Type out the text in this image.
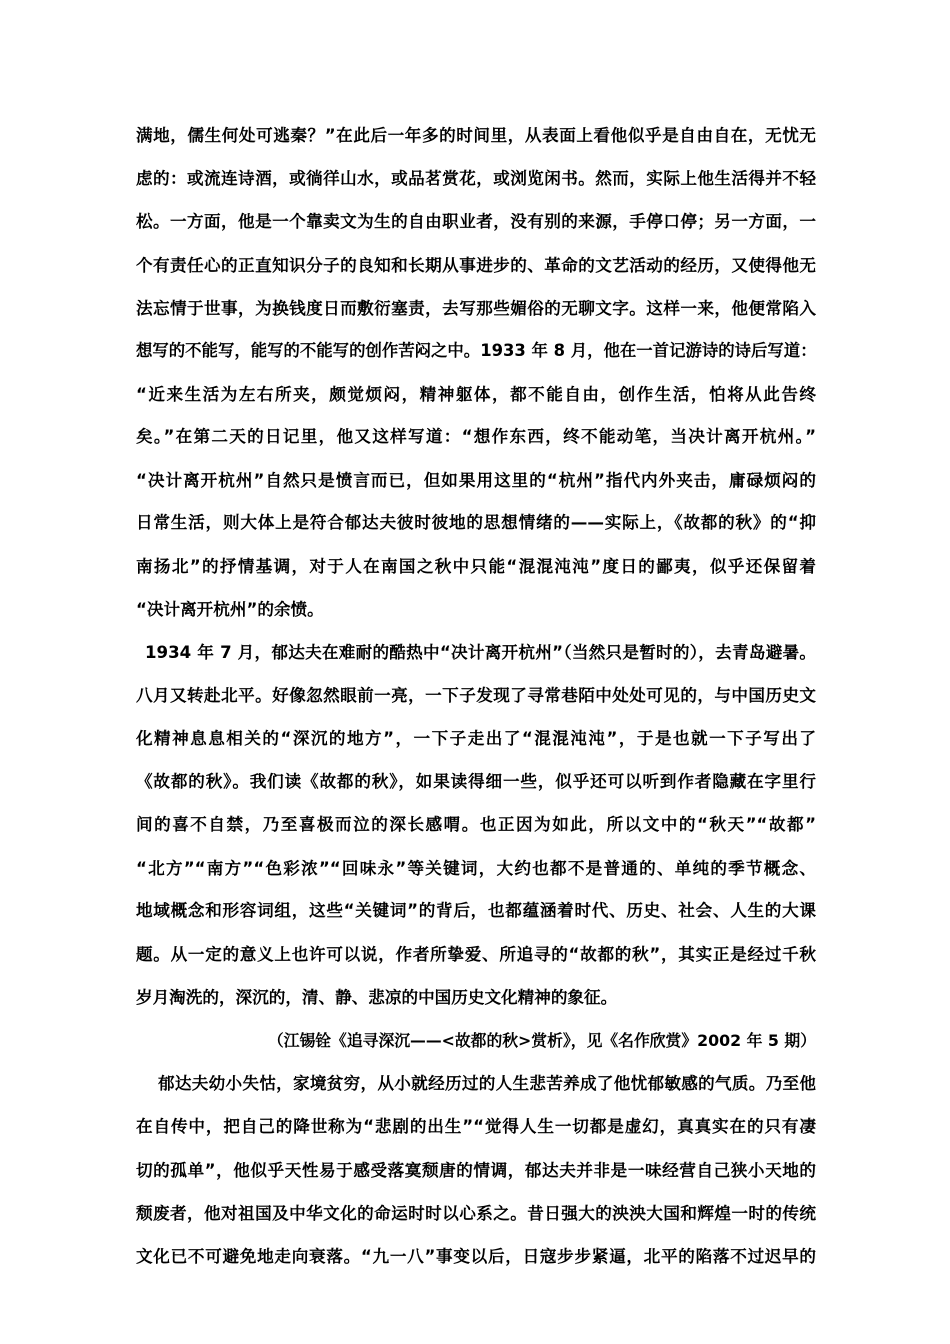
满地，儒生何处可逃秦？”在此后一年多的时间里，从表面上看他似乎是自由自在，无忧无
虑的：或流连诗酒，或徜徉山水，或品茗赏花，或浏览闲书。然而，实际上他生活得并不轻
松。一方面，他是一个靠卖文为生的自由职业者，没有别的来源，手停口停；另一方面，一
个有责任心的正直知识分子的良知和长期从事进步的、革命的文艺活动的经历，又使得他无
法忘情于世事，为换钱度日而敷衍塞责，去写那些媚俗的无聊文字。这样一来，他便常陷入
想写的不能写，能写的不能写的创作苦闷之中。1933 年 8 月，他在一首记游诗的诗后写道：
“近来生活为左右所夹，颇觉烦闷，精神躯体，都不能自由，创作生活，怕将从此告终
矣。”在第二天的日记里，他又这样写道：“想作东西，终不能动笔，当决计离开杭州。”
“决计离开杭州”自然只是愤言而已，但如果用这里的“杭州”指代内外夹击，庸碌烦闷的
日常生活，则大体上是符合郁达夫彼时彼地的思想情绪的——实际上，《故都的秋》的“抑
南扬北”的抒情基调，对于人在南国之秋中只能“混混沌沌”度日的鄙夷，似乎还保留着
“决计离开杭州”的余愤。
1934 年 7 月，郁达夫在难耐的酷热中“决计离开杭州”（当然只是暂时的），去青岛避暑。
八月又转赴北平。好像忽然眼前一亮，一下子发现了寻常巷陌中处处可见的，与中国历史文
化精神息息相关的“深沉的地方”，一下子走出了“混混沌沌”，于是也就一下子写出了
《故都的秋》。我们读《故都的秋》，如果读得细一些，似乎还可以听到作者隐藏在字里行
间的喜不自禁，乃至喜极而泣的深长感喟。也正因为如此，所以文中的“秋天”“故都”
“北方”“南方”“色彩浓”“回味永”等关键词，大约也都不是普通的、单纯的季节概念、
地域概念和形容词组，这些“关键词”的背后，也都蕴涵着时代、历史、社会、人生的大课
题。从一定的意义上也许可以说，作者所挚爱、所追寻的“故都的秋”，其实正是经过千秋
岁月淘洗的，深沉的，清、静、悲凉的中国历史文化精神的象征。
（江锡铨《追寻深沉——<故都的秋>赏析》，见《名作欣赏》2002 年 5 期）
郁达夫幼小失怙，家境贫穷，从小就经历过的人生悲苦养成了他忧郁敏感的气质。乃至他
在自传中，把自己的降世称为“悲剧的出生”“觉得人生一切都是虚幻，真真实在的只有凄
切的孤单”，他似乎天性易于感受落寞颓唐的情调，郁达夫并非是一味经营自己狭小天地的
颓废者，他对祖国及中华文化的命运时时以心系之。昔日强大的泱泱大国和辉煌一时的传统
文化已不可避免地走向衰落。“九一八”事变以后，日寇步步紧逼，北平的陷落不过迟早的
